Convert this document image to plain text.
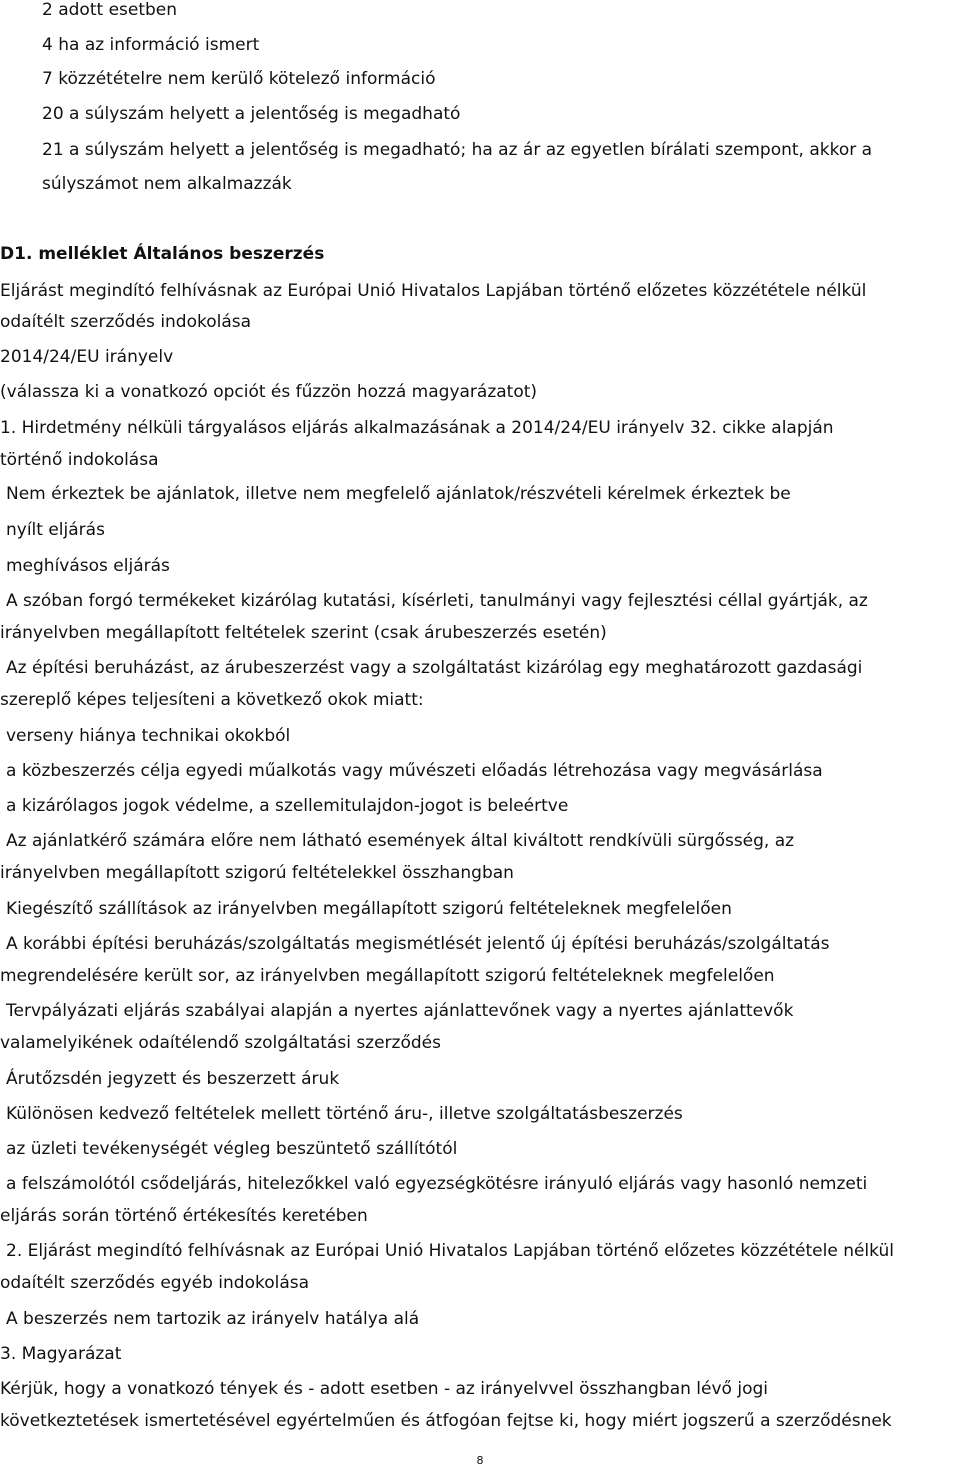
2 adott esetben
4 ha az információ ismert
7 közzétételre nem kerülő kötelező információ
20 a súlyszám helyett a jelentőség is megadható
21 a súlyszám helyett a jelentőség is megadható; ha az ár az egyetlen bírálati szempont, akkor a
súlyszámot nem alkalmazzák
D1. melléklet Általános beszerzés
Eljárást megindító felhívásnak az Európai Unió Hivatalos Lapjában történő előzetes közzététele nélkül
odaítélt szerződés indokolása
2014/24/EU irányelv
(válassza ki a vonatkozó opciót és fűzzön hozzá magyarázatot)
1. Hirdetmény nélküli tárgyalásos eljárás alkalmazásának a 2014/24/EU irányelv 32. cikke alapján
történő indokolása
Nem érkeztek be ajánlatok, illetve nem megfelelő ajánlatok/részvételi kérelmek érkeztek be
nyílt eljárás
meghívásos eljárás
A szóban forgó termékeket kizárólag kutatási, kísérleti, tanulmányi vagy fejlesztési céllal gyártják, az
irányelvben megállapított feltételek szerint (csak árubeszerzés esetén)
Az építési beruházást, az árubeszerzést vagy a szolgáltatást kizárólag egy meghatározott gazdasági
szereplő képes teljesíteni a következő okok miatt:
verseny hiánya technikai okokból
a közbeszerzés célja egyedi műalkotás vagy művészeti előadás létrehozása vagy megvásárlása
a kizárólagos jogok védelme, a szellemitulajdon-jogot is beleértve
Az ajánlatkérő számára előre nem látható események által kiváltott rendkívüli sürgősség, az
irányelvben megállapított szigorú feltételekkel összhangban
Kiegészítő szállítások az irányelvben megállapított szigorú feltételeknek megfelelően
A korábbi építési beruházás/szolgáltatás megismétlését jelentő új építési beruházás/szolgáltatás
megrendelésére került sor, az irányelvben megállapított szigorú feltételeknek megfelelően
Tervpályázati eljárás szabályai alapján a nyertes ajánlattevőnek vagy a nyertes ajánlattevők
valamelyikének odaítélendő szolgáltatási szerződés
Árutőzsdén jegyzett és beszerzett áruk
Különösen kedvező feltételek mellett történő áru-, illetve szolgáltatásbeszerzés
az üzleti tevékenységét végleg beszüntető szállítótól
a felszámolótól csődeljárás, hitelezőkkel való egyezségkötésre irányuló eljárás vagy hasonló nemzeti
eljárás során történő értékesítés keretében
2. Eljárást megindító felhívásnak az Európai Unió Hivatalos Lapjában történő előzetes közzététele nélkül
odaítélt szerződés egyéb indokolása
A beszerzés nem tartozik az irányelv hatálya alá
3. Magyarázat
Kérjük, hogy a vonatkozó tények és - adott esetben - az irányelvvel összhangban lévő jogi
következtetések ismertetésével egyértelműen és átfogóan fejtse ki, hogy miért jogszerű a szerződésnek
8
